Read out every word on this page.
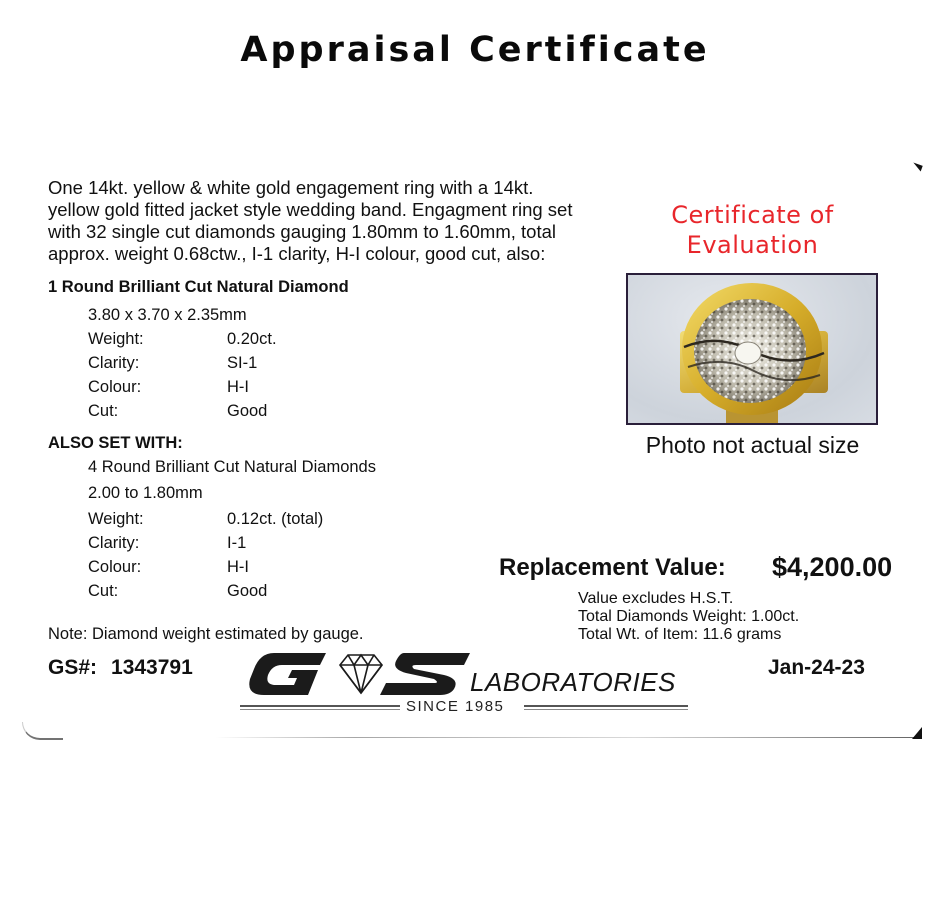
Appraisal Certificate
One 14kt. yellow & white gold engagement ring with a 14kt.
yellow gold fitted jacket style wedding band. Engagment ring set
with 32 single cut diamonds gauging 1.80mm to 1.60mm, total
approx. weight 0.68ctw., I-1 clarity, H-I colour, good cut, also:
1 Round Brilliant Cut Natural Diamond
3.80 x 3.70 x 2.35mm
Weight:	0.20ct.
Clarity:	SI-1
Colour:	H-I
Cut:	Good
ALSO SET WITH:
4 Round Brilliant Cut Natural Diamonds
2.00 to 1.80mm
Weight:	0.12ct. (total)
Clarity:	I-1
Colour:	H-I
Cut:	Good
Certificate of
Evaluation
Photo not actual size
Replacement Value: $4,200.00
Value excludes H.S.T.
Total Diamonds Weight: 1.00ct.
Total Wt. of Item: 11.6 grams
Note: Diamond weight estimated by gauge.
GS#: 1343791	Jan-24-23
LABORATORIES
SINCE 1985
